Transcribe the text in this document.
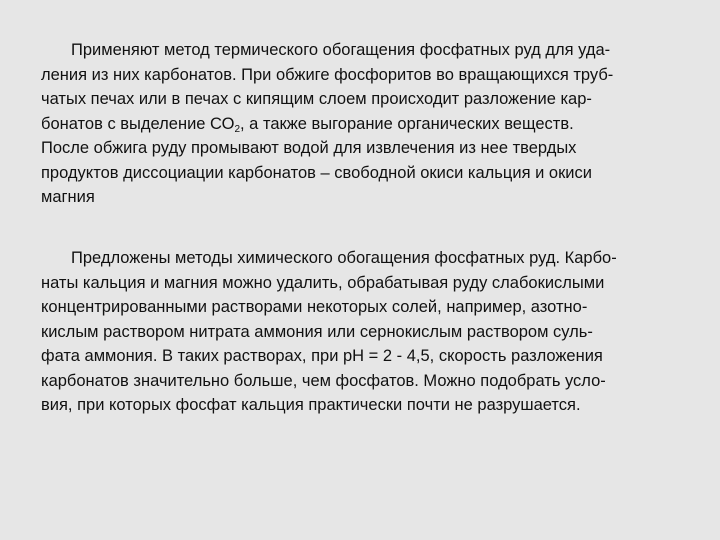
Применяют метод термического обогащения фосфатных руд для уда-
ления из них карбонатов. При обжиге фосфоритов во вращающихся труб-
чатых печах или в печах с кипящим слоем происходит разложение кар-
бонатов с выделение $СО_2$, а также выгорание органических веществ.
После обжига руду промывают водой для извлечения из нее твердых
продуктов диссоциации карбонатов – свободной окиси кальция и окиси
магния

Предложены методы химического обогащения фосфатных руд. Карбо-
наты кальция и магния можно удалить, обрабатывая руду слабокислыми
концентрированными растворами некоторых солей, например, азотно-
кислым раствором нитрата аммония или сернокислым раствором суль-
фата аммония. В таких растворах, при рН = 2 - 4,5, скорость разложения
карбонатов значительно больше, чем фосфатов. Можно подобрать усло-
вия, при которых фосфат кальция практически почти не разрушается.
